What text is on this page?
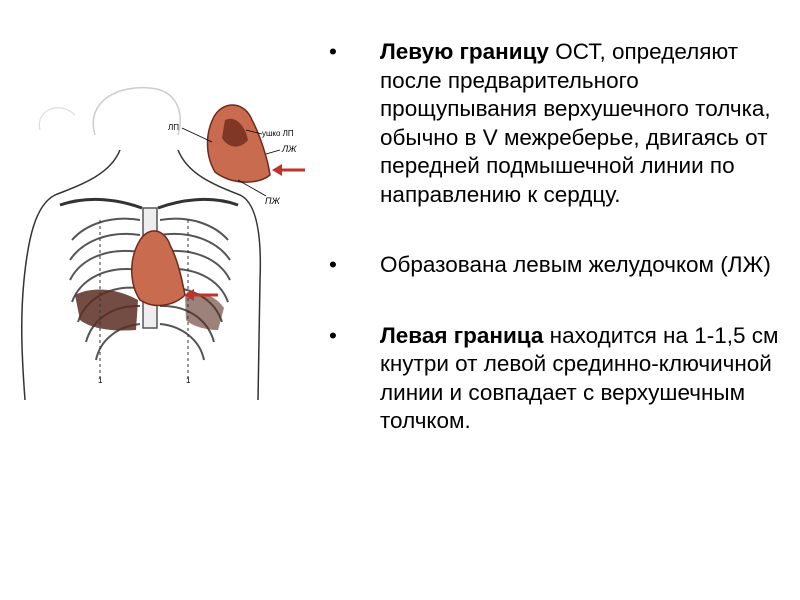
1	1
ЛП
ушко ЛП
ЛЖ
ПЖ
• Левую границу ОСТ, определяют после предварительного прощупывания верхушечного толчка, обычно в V межреберье, двигаясь от передней подмышечной линии по направлению к сердцу.
• Образована левым желудочком (ЛЖ)
• Левая граница находится на 1-1,5 см кнутри от левой срединно-ключичной линии и совпадает с верхушечным толчком.
